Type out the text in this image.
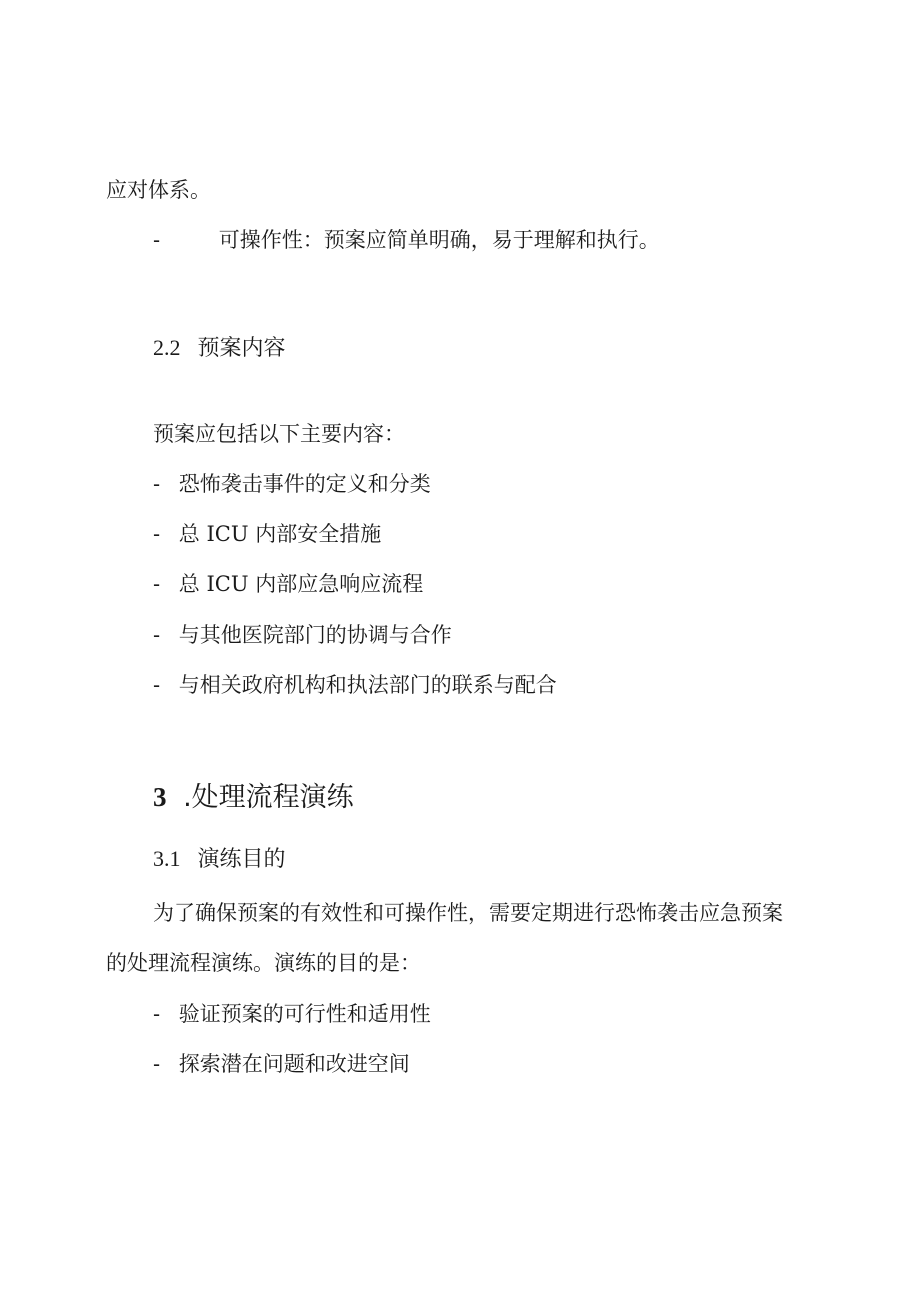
应对体系。
-	可操作性：预案应简单明确，易于理解和执行。
2.2 预案内容
预案应包括以下主要内容：
- 恐怖袭击事件的定义和分类
- 总 ICU 内部安全措施
- 总 ICU 内部应急响应流程
- 与其他医院部门的协调与合作
- 与相关政府机构和执法部门的联系与配合
3 .处理流程演练
3.1 演练目的
为了确保预案的有效性和可操作性，需要定期进行恐怖袭击应急预案
的处理流程演练。演练的目的是：
- 验证预案的可行性和适用性
- 探索潜在问题和改进空间
